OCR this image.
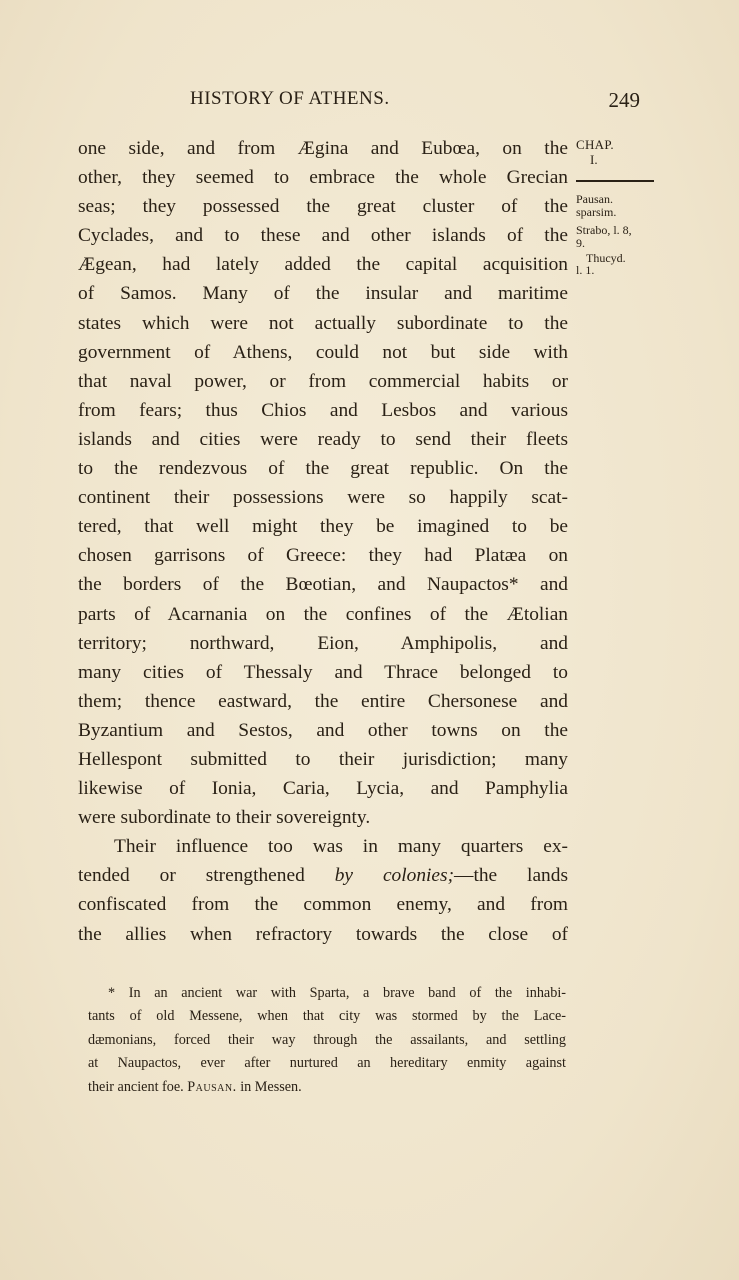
HISTORY OF ATHENS.	249
one side, and from Ægina and Eubœa, on the
other, they seemed to embrace the whole Grecian
seas; they possessed the great cluster of the
Cyclades, and to these and other islands of the
Ægean, had lately added the capital acquisition
of Samos. Many of the insular and maritime
states which were not actually subordinate to the
government of Athens, could not but side with
that naval power, or from commercial habits or
from fears; thus Chios and Lesbos and various
islands and cities were ready to send their fleets
to the rendezvous of the great republic. On the
continent their possessions were so happily scat-
tered, that well might they be imagined to be
chosen garrisons of Greece: they had Platæa on
the borders of the Bœotian, and Naupactos* and
parts of Acarnania on the confines of the Ætolian
territory; northward, Eion, Amphipolis, and
many cities of Thessaly and Thrace belonged to
them; thence eastward, the entire Chersonese and
Byzantium and Sestos, and other towns on the
Hellespont submitted to their jurisdiction; many
likewise of Ionia, Caria, Lycia, and Pamphylia
were subordinate to their sovereignty.
Their influence too was in many quarters ex-
tended or strengthened by colonies;—the lands
confiscated from the common enemy, and from
the allies when refractory towards the close of
CHAP.
I.
Pausan.
sparsim.
Strabo, l. 8,
9.
Thucyd.
l. 1.
* In an ancient war with Sparta, a brave band of the inhabi-
tants of old Messene, when that city was stormed by the Lace-
dæmonians, forced their way through the assailants, and settling
at Naupactos, ever after nurtured an hereditary enmity against
their ancient foe. Pausan. in Messen.
